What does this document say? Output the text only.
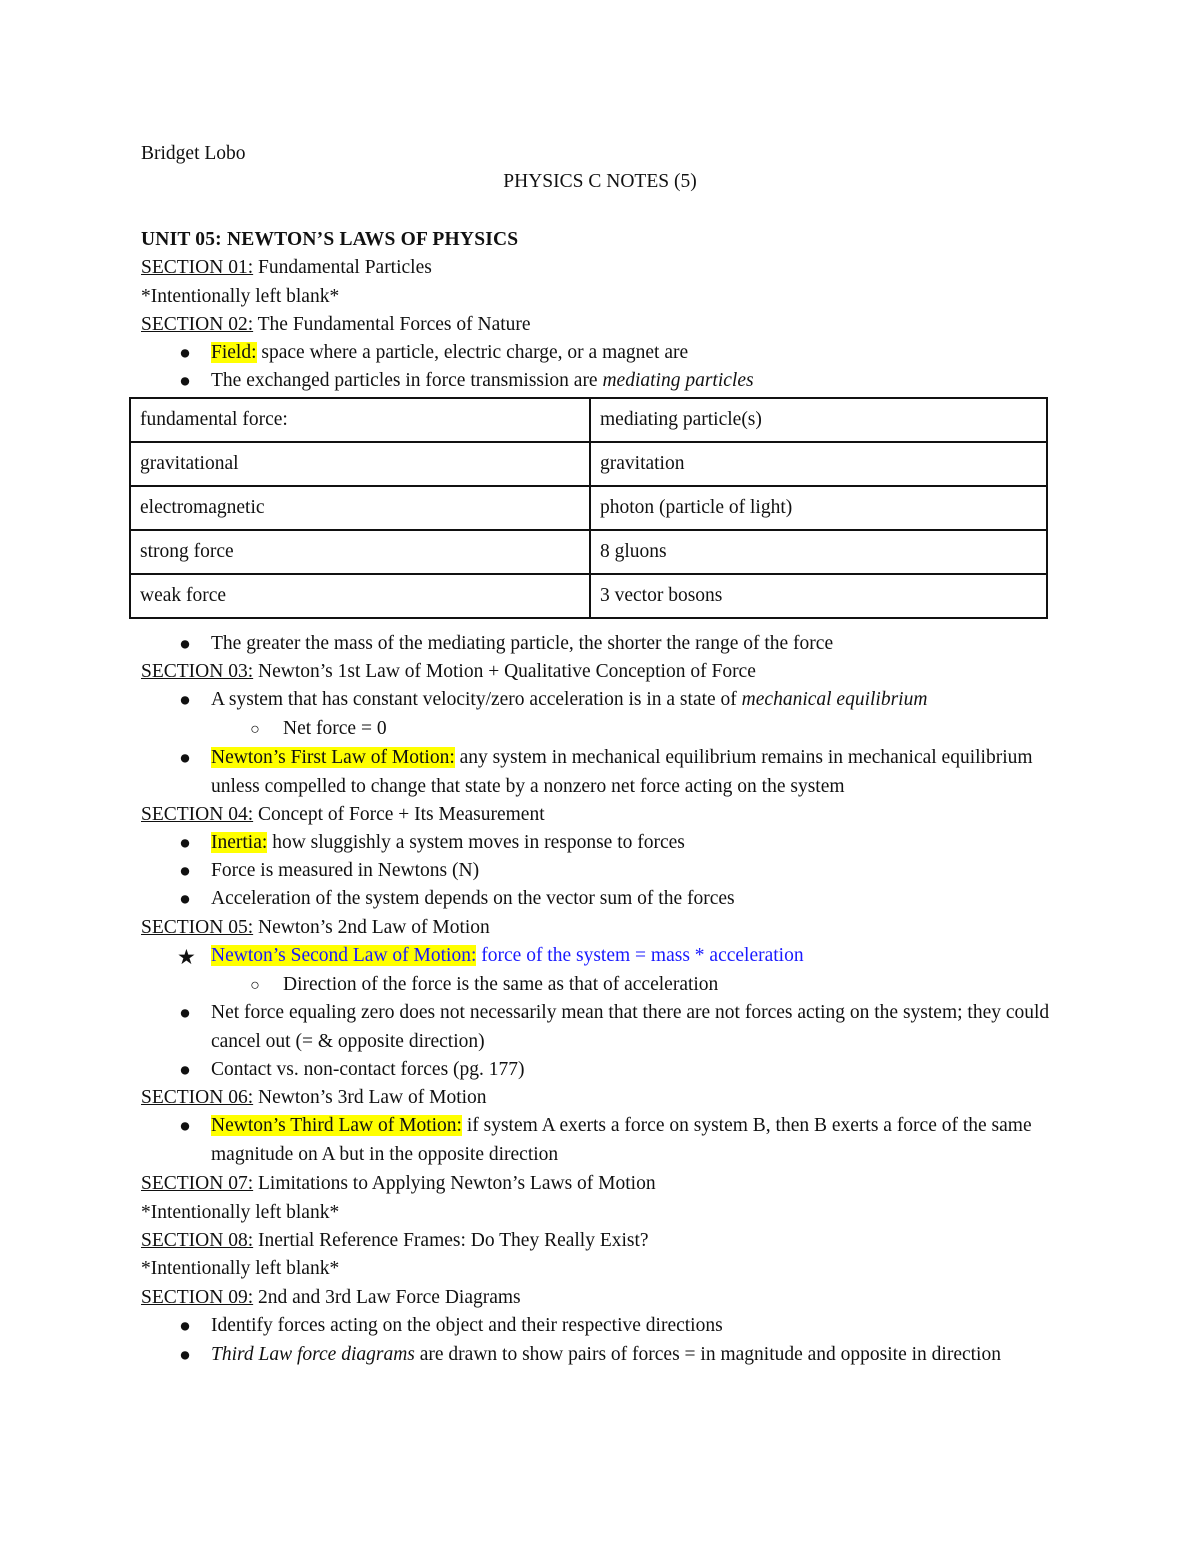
Bridget Lobo
PHYSICS C NOTES (5)
UNIT 05: NEWTON’S LAWS OF PHYSICS
SECTION 01: Fundamental Particles
*Intentionally left blank*
SECTION 02: The Fundamental Forces of Nature
● Field: space where a particle, electric charge, or a magnet are
● The exchanged particles in force transmission are mediating particles
fundamental force:	mediating particle(s)
gravitational	gravitation
electromagnetic	photon (particle of light)
strong force	8 gluons
weak force	3 vector bosons
● The greater the mass of the mediating particle, the shorter the range of the force
SECTION 03: Newton’s 1st Law of Motion + Qualitative Conception of Force
● A system that has constant velocity/zero acceleration is in a state of mechanical equilibrium
○ Net force = 0
● Newton’s First Law of Motion: any system in mechanical equilibrium remains in mechanical equilibrium unless compelled to change that state by a nonzero net force acting on the system
SECTION 04: Concept of Force + Its Measurement
● Inertia: how sluggishly a system moves in response to forces
● Force is measured in Newtons (N)
● Acceleration of the system depends on the vector sum of the forces
SECTION 05: Newton’s 2nd Law of Motion
★ Newton’s Second Law of Motion: force of the system = mass * acceleration
○ Direction of the force is the same as that of acceleration
● Net force equaling zero does not necessarily mean that there are not forces acting on the system; they could cancel out (= & opposite direction)
● Contact vs. non-contact forces (pg. 177)
SECTION 06: Newton’s 3rd Law of Motion
● Newton’s Third Law of Motion: if system A exerts a force on system B, then B exerts a force of the same magnitude on A but in the opposite direction
SECTION 07: Limitations to Applying Newton’s Laws of Motion
*Intentionally left blank*
SECTION 08: Inertial Reference Frames: Do They Really Exist?
*Intentionally left blank*
SECTION 09: 2nd and 3rd Law Force Diagrams
● Identify forces acting on the object and their respective directions
● Third Law force diagrams are drawn to show pairs of forces = in magnitude and opposite in direction
